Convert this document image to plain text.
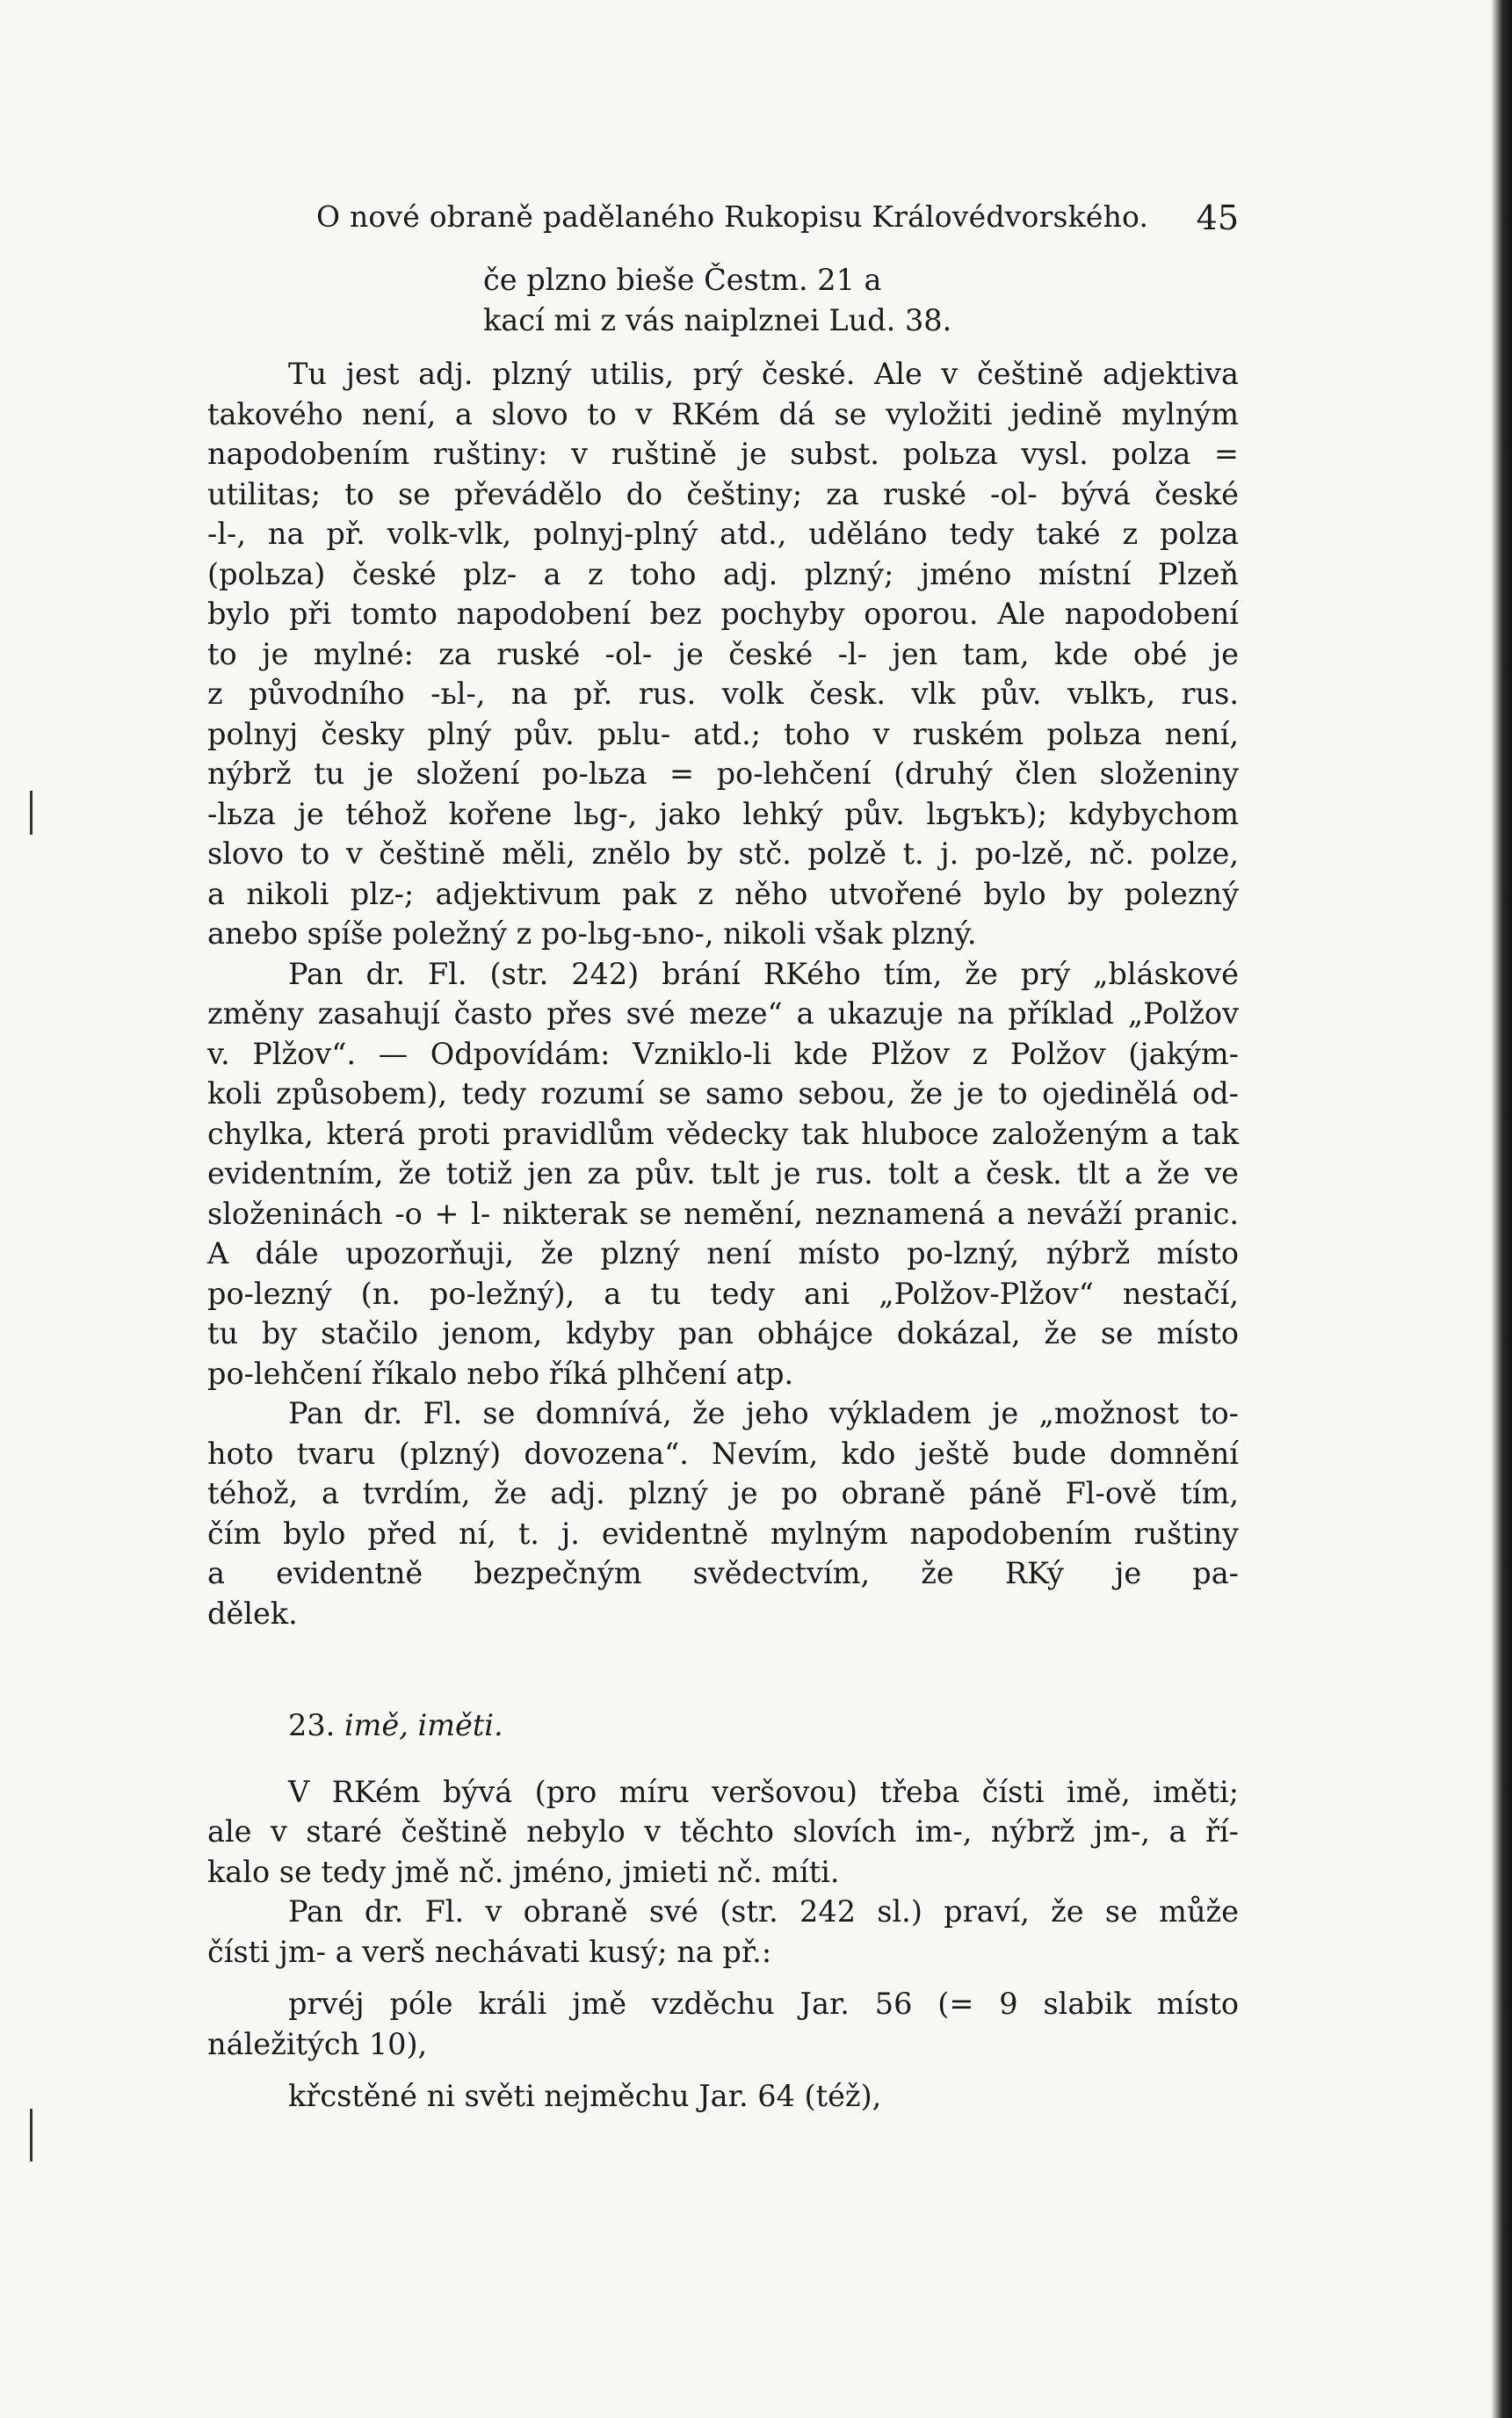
O nové obraně padělaného Rukopisu Královédvorského. 45
če plzno bieše Čestm. 21 a
kací mi z vás naiplznei Lud. 38.

Tu jest adj. plzný utilis, prý české. Ale v češtině adjektiva
takového není, a slovo to v RKém dá se vyložiti jedině mylným
napodobením ruštiny: v ruštině je subst. polьza vysl. polza =
utilitas; to se převádělo do češtiny; za ruské -ol- bývá české
-l-, na př. volk-vlk, polnyj-plný atd., uděláno tedy také z polza
(polьza) české plz- a z toho adj. plzný; jméno místní Plzeň
bylo při tomto napodobení bez pochyby oporou. Ale napodobení
to je mylné: za ruské -ol- je české -l- jen tam, kde obé je
z původního -ьl-, na př. rus. volk česk. vlk pův. vьlkъ, rus.
polnyj česky plný pův. pьlu- atd.; toho v ruském polьza není,
nýbrž tu je složení po-lьza = po-lehčení (druhý člen složeniny
-lьza je téhož kořene lьg-, jako lehký pův. lьgъkъ); kdybychom
slovo to v češtině měli, znělo by stč. polzě t. j. po-lzě, nč. polze,
a nikoli plz-; adjektivum pak z něho utvořené bylo by polezný
anebo spíše poležný z po-lьg-ьno-, nikoli však plzný.

Pan dr. Fl. (str. 242) brání RKého tím, že prý „bláskové
změny zasahují často přes své meze“ a ukazuje na příklad „Polžov
v. Plžov“. — Odpovídám: Vzniklo-li kde Plžov z Polžov (jakým-
koli způsobem), tedy rozumí se samo sebou, že je to ojedinělá od-
chylka, která proti pravidlům vědecky tak hluboce založeným a tak
evidentním, že totiž jen za pův. tьlt je rus. tolt a česk. tlt a že ve
složeninách -o + l- nikterak se nemění, neznamená a neváží pranic.
A dále upozorňuji, že plzný není místo po-lzný, nýbrž místo
po-lezný (n. po-ležný), a tu tedy ani „Polžov-Plžov“ nestačí,
tu by stačilo jenom, kdyby pan obhájce dokázal, že se místo
po-lehčení říkalo nebo říká plhčení atp.

Pan dr. Fl. se domnívá, že jeho výkladem je „možnost to-
hoto tvaru (plzný) dovozena“. Nevím, kdo ještě bude domnění
téhož, a tvrdím, že adj. plzný je po obraně páně Fl-ově tím,
čím bylo před ní, t. j. evidentně mylným napodobením ruštiny
a evidentně bezpečným svědectvím, že RKý je pa-
dělek.

23. imě, iměti.

V RKém bývá (pro míru veršovou) třeba čísti imě, iměti;
ale v staré češtině nebylo v těchto slovích im-, nýbrž jm-, a ří-
kalo se tedy jmě nč. jméno, jmieti nč. míti.

Pan dr. Fl. v obraně své (str. 242 sl.) praví, že se může
čísti jm- a verš nechávati kusý; na př.:

prvéj póle králi jmě vzděchu Jar. 56 (= 9 slabik místo
náležitých 10),

křcstěné ni světi nejměchu Jar. 64 (též),
